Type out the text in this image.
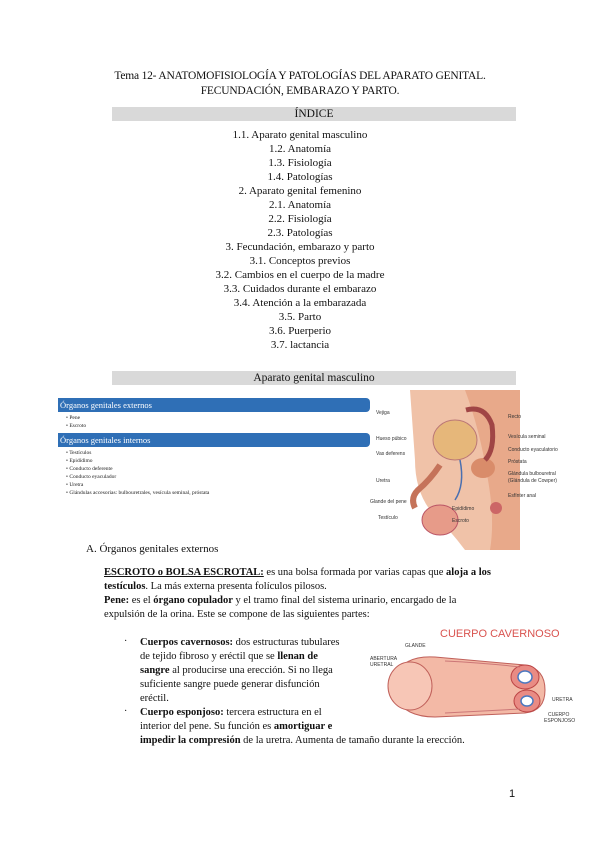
Tema 12- ANATOMOFISIOLOGÍA Y PATOLOGÍAS DEL APARATO GENITAL.
FECUNDACIÓN, EMBARAZO Y PARTO.
ÍNDICE
1.1. Aparato genital masculino
1.2. Anatomía
1.3. Fisiología
1.4. Patologías
2. Aparato genital femenino
2.1. Anatomía
2.2. Fisiología
2.3. Patologías
3. Fecundación, embarazo y parto
3.1. Conceptos previos
3.2. Cambios en el cuerpo de la madre
3.3. Cuidados durante el embarazo
3.4. Atención a la embarazada
3.5. Parto
3.6. Puerperio
3.7. lactancia
Aparato genital masculino
Órganos genitales externos
• Pene
• Escroto
Órganos genitales internos
• Testículos
• Epidídimo
• Conducto deferente
• Conducto eyaculador
• Uretra
• Glándulas accesorias: bulbouretrales, vesícula seminal, próstata
Vejiga
Hueso púbico
Vas deferens
Uretra
Glande del pene
Testículo
Recto
Vesícula seminal
Conducto eyaculatorio
Próstata
Glándula bulbouretral
(Glándula de Cowper)
Esfínter anal
Epidídimo
Escroto
A. Órganos genitales externos
ESCROTO o BOLSA ESCROTAL: es una bolsa formada por varias capas que aloja a los
testículos. La más externa presenta folículos pilosos.
Pene: es el órgano copulador y el tramo final del sistema urinario, encargado de la
expulsión de la orina. Este se compone de las siguientes partes:
· Cuerpos cavernosos: dos estructuras tubulares
de tejido fibroso y eréctil que se llenan de
sangre al producirse una erección. Si no llega
suficiente sangre puede generar disfunción
eréctil.
· Cuerpo esponjoso: tercera estructura en el
interior del pene. Su función es amortiguar e
impedir la compresión de la uretra. Aumenta de tamaño durante la erección.
CUERPO CAVERNOSO
GLANDE
ABERTURA
URETRAL
URETRA
CUERPO
ESPONJOSO
1
